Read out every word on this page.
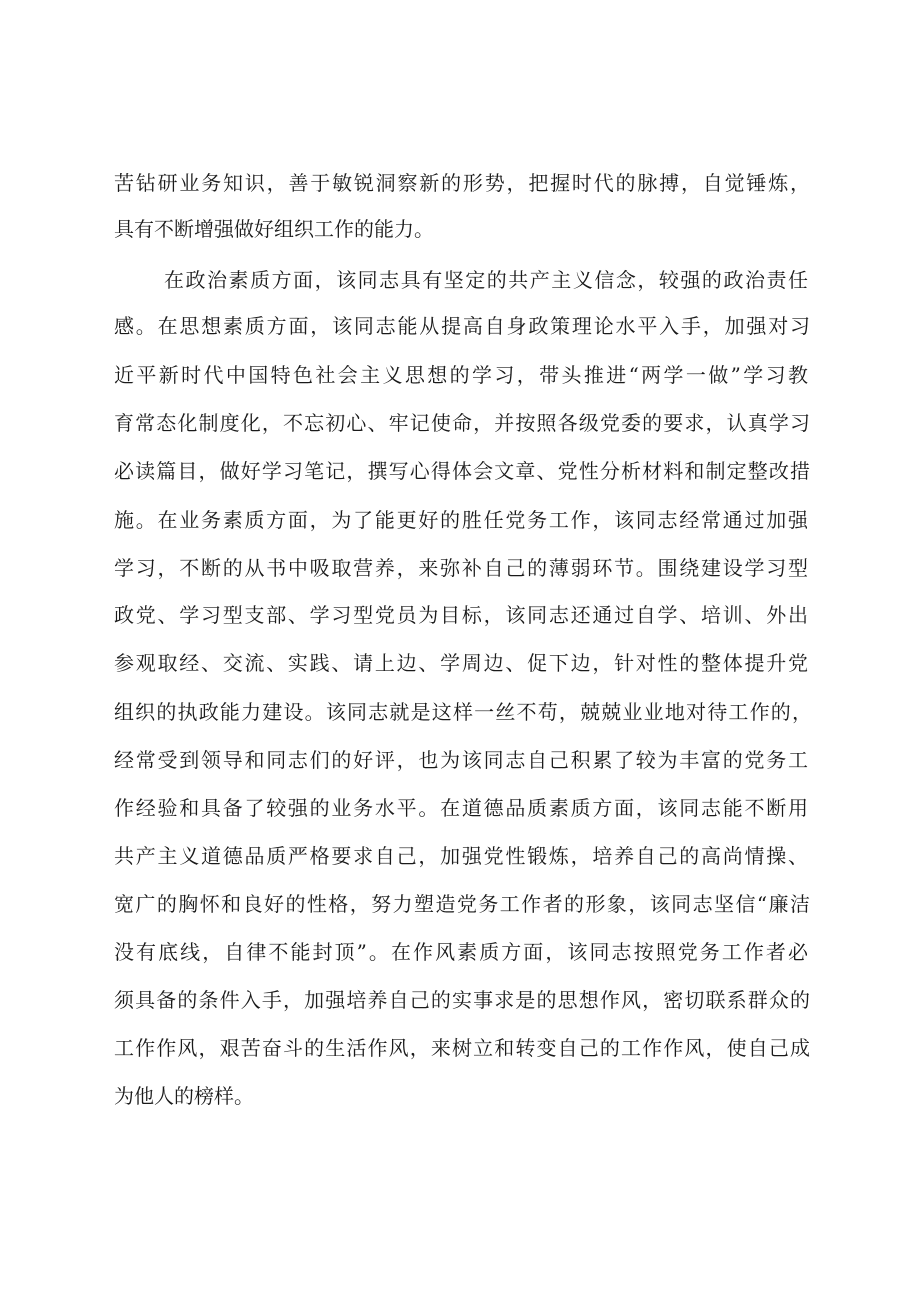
苦钻研业务知识，善于敏锐洞察新的形势，把握时代的脉搏，自觉锤炼，
具有不断增强做好组织工作的能力。
在政治素质方面，该同志具有坚定的共产主义信念，较强的政治责任
感。在思想素质方面，该同志能从提高自身政策理论水平入手，加强对习
近平新时代中国特色社会主义思想的学习，带头推进“两学一做”学习教
育常态化制度化，不忘初心、牢记使命，并按照各级党委的要求，认真学习
必读篇目，做好学习笔记，撰写心得体会文章、党性分析材料和制定整改措
施。在业务素质方面，为了能更好的胜任党务工作，该同志经常通过加强
学习，不断的从书中吸取营养，来弥补自己的薄弱环节。围绕建设学习型
政党、学习型支部、学习型党员为目标，该同志还通过自学、培训、外出
参观取经、交流、实践、请上边、学周边、促下边，针对性的整体提升党
组织的执政能力建设。该同志就是这样一丝不苟，兢兢业业地对待工作的，
经常受到领导和同志们的好评，也为该同志自己积累了较为丰富的党务工
作经验和具备了较强的业务水平。在道德品质素质方面，该同志能不断用
共产主义道德品质严格要求自己，加强党性锻炼，培养自己的高尚情操、
宽广的胸怀和良好的性格，努力塑造党务工作者的形象，该同志坚信“廉洁
没有底线，自律不能封顶”。在作风素质方面，该同志按照党务工作者必
须具备的条件入手，加强培养自己的实事求是的思想作风，密切联系群众的
工作作风，艰苦奋斗的生活作风，来树立和转变自己的工作作风，使自己成
为他人的榜样。
